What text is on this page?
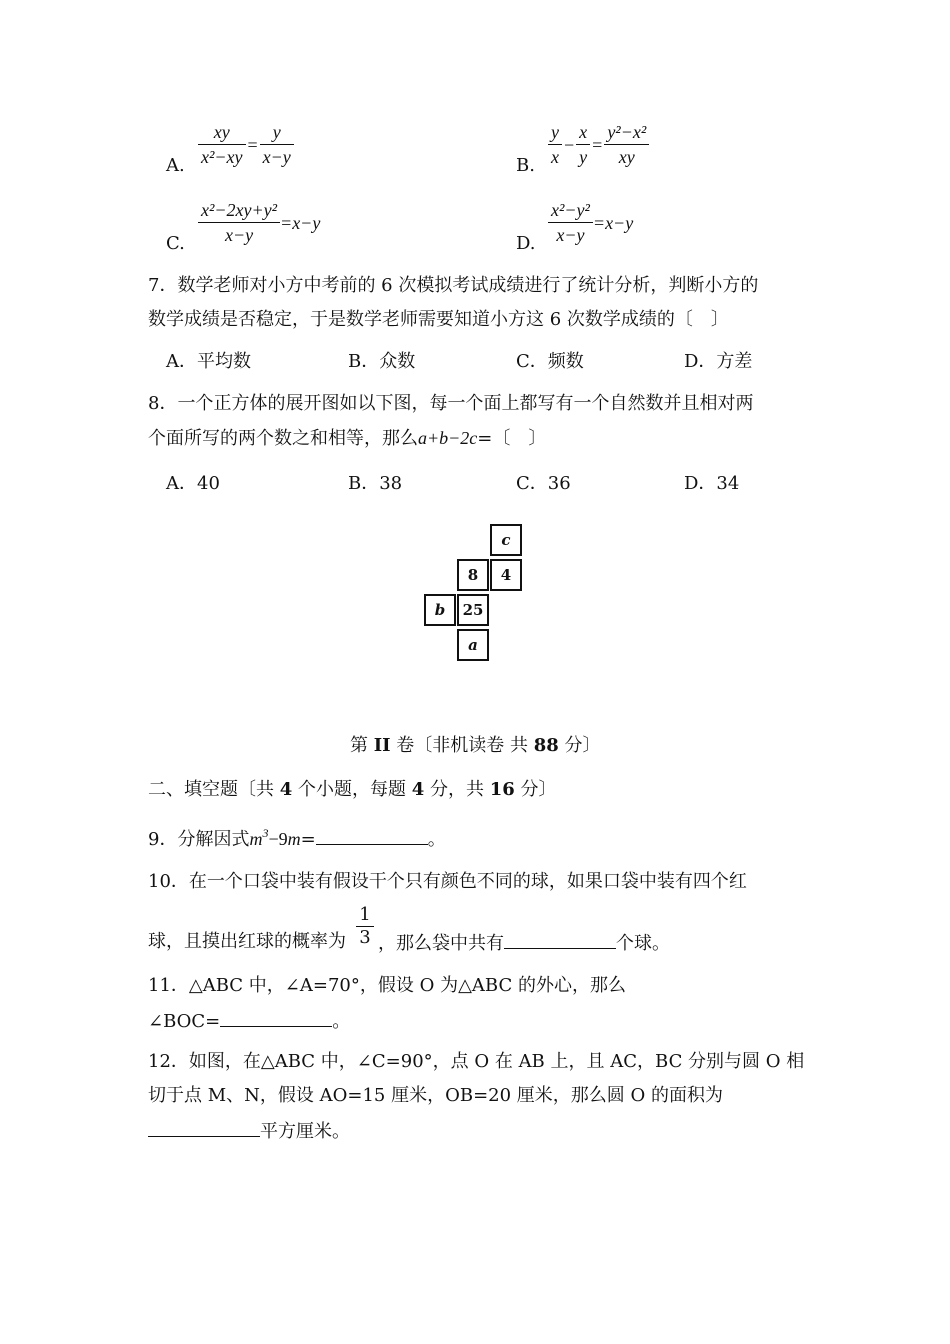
A. $\frac{xy}{\text{x²−xy}} = \frac{y}{x-y}$	B. $\frac{y}{x} - \frac{x}{y} = \frac{\text{y²−x²}}{xy}$
C. $\frac{\text{x²−2xy+y²}}{x-y} =x-y$
D. $\frac{\text{x²−y²}}{x-y} =x-y$
7．数学老师对小方中考前的 6 次模拟考试成绩进行了统计分析，判断小方的
数学成绩是否稳定，于是数学老师需要知道小方这 6 次数学成绩的〔　〕
A．平均数	B．众数	C．频数	D．方差
8．一个正方体的展开图如以下图，每一个面上都写有一个自然数并且相对两
个面所写的两个数之和相等，那么a+b−2c=〔　〕
A．40	B．38	C．36	D．34
c
8	4
b	25
a
第 II 卷〔非机读卷 共 88 分〕
二、填空题〔共 4 个小题，每题 4 分，共 16 分〕
9．分解因式$m^3-9m=$	。
10．在一个口袋中装有假设干个只有颜色不同的球，如果口袋中装有四个红
球，且摸出红球的概率为
1
3 ，那么袋中共有	个球。
11．△ABC 中，∠A=70°，假设 O 为△ABC 的外心，那么
∠BOC=	。
12．如图，在△ABC 中，∠C=90°，点 O 在 AB 上，且 AC，BC 分别与圆 O 相
切于点 M、N，假设 AO=15 厘米，OB=20 厘米，那么圆 O 的面积为
平方厘米。
